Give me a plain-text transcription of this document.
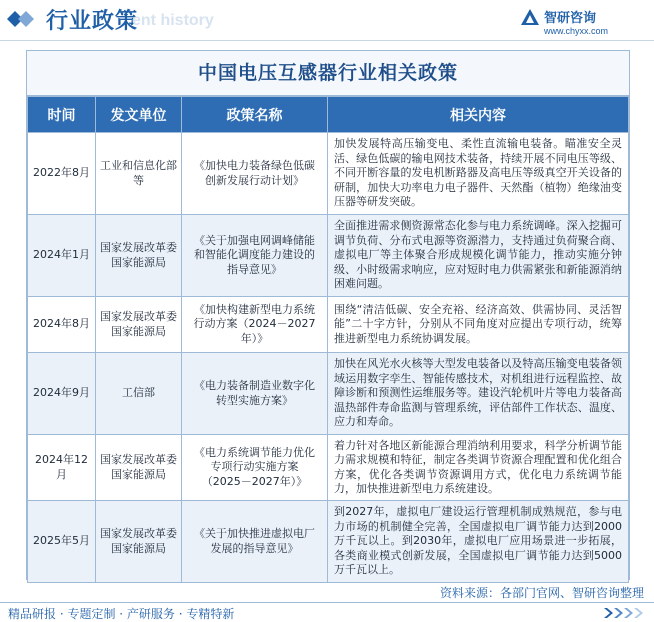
行业政策
ent history	智研咨询
www.chyxx.com
中国电压互感器行业相关政策
时间	发文单位	政策名称	相关内容
2022年8月	工业和信息化部等	《加快电力装备绿色低碳创新发展行动计划》	加快发展特高压输变电、柔性直流输电装备。瞄准安全灵活、绿色低碳的输电网技术装备，持续开展不同电压等级、不同开断容量的发电机断路器及高电压等级真空开关设备的研制，加快大功率电力电子器件、天然酯（植物）绝缘油变压器等研发突破。
2024年1月	国家发展改革委 国家能源局	《关于加强电网调峰储能和智能化调度能力建设的指导意见》	全面推进需求侧资源常态化参与电力系统调峰。深入挖掘可调节负荷、分布式电源等资源潜力，支持通过负荷聚合商、虚拟电厂等主体聚合形成规模化调节能力，推动实施分钟级、小时级需求响应，应对短时电力供需紧张和新能源消纳困难问题。
2024年8月	国家发展改革委 国家能源局	《加快构建新型电力系统行动方案（2024－2027年）》	围绕“清洁低碳、安全充裕、经济高效、供需协同、灵活智能”二十字方针，分别从不同角度对应提出专项行动，统筹推进新型电力系统协调发展。
2024年9月	工信部	《电力装备制造业数字化转型实施方案》	加快在风光水火核等大型发电装备以及特高压输变电装备领域运用数字孪生、智能传感技术，对机组进行远程监控、故障诊断和预测性运维服务等。建设汽轮机叶片等电力装备高温热部件寿命监测与管理系统，评估部件工作状态、温度、应力和寿命。
2024年12月	国家发展改革委 国家能源局	《电力系统调节能力优化专项行动实施方案（2025－2027年）》	着力针对各地区新能源合理消纳利用要求，科学分析调节能力需求规模和特征，制定各类调节资源合理配置和优化组合方案，优化各类调节资源调用方式，优化电力系统调节能力，加快推进新型电力系统建设。
2025年5月	国家发展改革委 国家能源局	《关于加快推进虚拟电厂发展的指导意见》	到2027年，虚拟电厂建设运行管理机制成熟规范，参与电力市场的机制健全完善，全国虚拟电厂调节能力达到2000万千瓦以上。到2030年，虚拟电厂应用场景进一步拓展，各类商业模式创新发展，全国虚拟电厂调节能力达到5000万千瓦以上。
资料来源：各部门官网、智研咨询整理
精品研报 · 专题定制 · 产研服务 · 专精特新
